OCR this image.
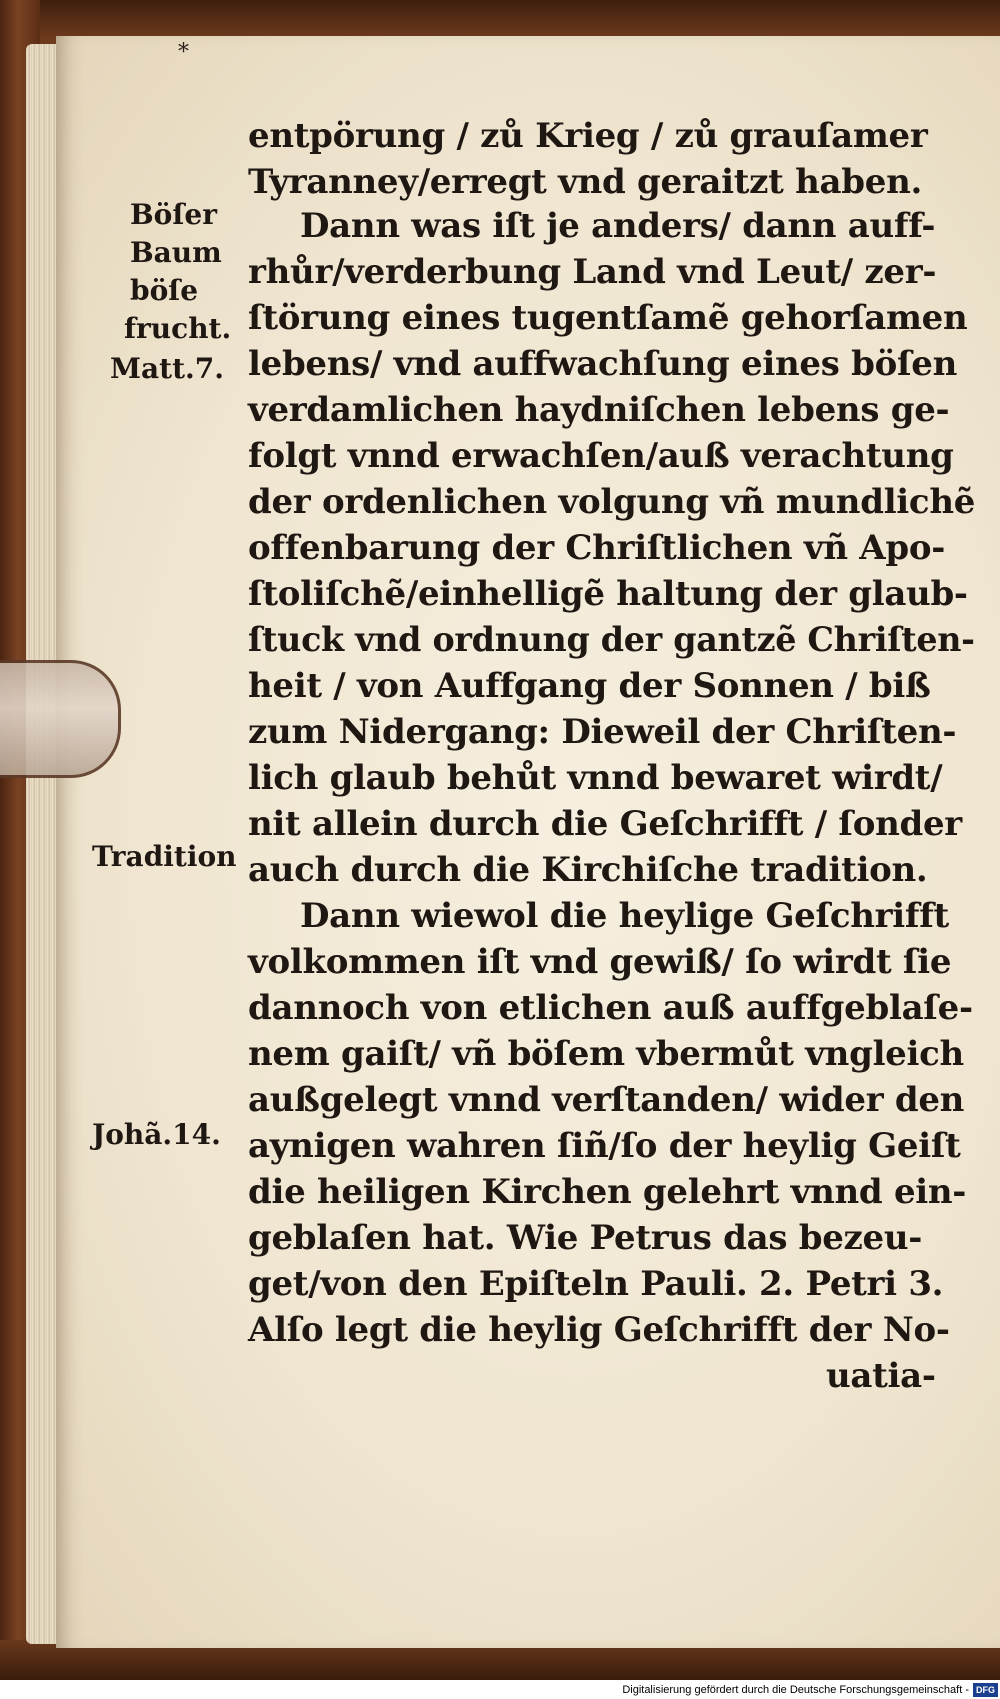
*
Böſer
Baum
böſe
frucht.
Matt.7.
Tradition
Johã.14.
entpörung / zů Krieg / zů grauſamer
Tyranney/erregt vnd geraitzt haben.
Dann was iſt je anders/ dann auff-
rhůr/verderbung Land vnd Leut/ zer-
ſtörung eines tugentſamẽ gehorſamen
lebens/ vnd auffwachſung eines böſen
verdamlichen haydniſchen lebens ge-
folgt vnnd erwachſen/auß verachtung
der ordenlichen volgung vñ mundlichẽ
offenbarung der Chriſtlichen vñ Apo-
ſtoliſchẽ/einhelligẽ haltung der glaub-
ſtuck vnd ordnung der gantzẽ Chriſten-
heit / von Auffgang der Sonnen / biß
zum Nidergang: Dieweil der Chriſten-
lich glaub behůt vnnd bewaret wirdt/
nit allein durch die Geſchrifft / ſonder
auch durch die Kirchiſche tradition.
Dann wiewol die heylige Geſchrifft
volkommen iſt vnd gewiß/ ſo wirdt ſie
dannoch von etlichen auß auffgeblaſe-
nem gaiſt/ vñ böſem vbermůt vngleich
außgelegt vnnd verſtanden/ wider den
aynigen wahren ſiñ/ſo der heylig Geiſt
die heiligen Kirchen gelehrt vnnd ein-
geblaſen hat. Wie Petrus das bezeu-
get/von den Epiſteln Pauli. 2. Petri 3.
Alſo legt die heylig Geſchrifft der No-
uatia-
Digitalisierung gefördert durch die Deutsche Forschungsgemeinschaft - DFG
